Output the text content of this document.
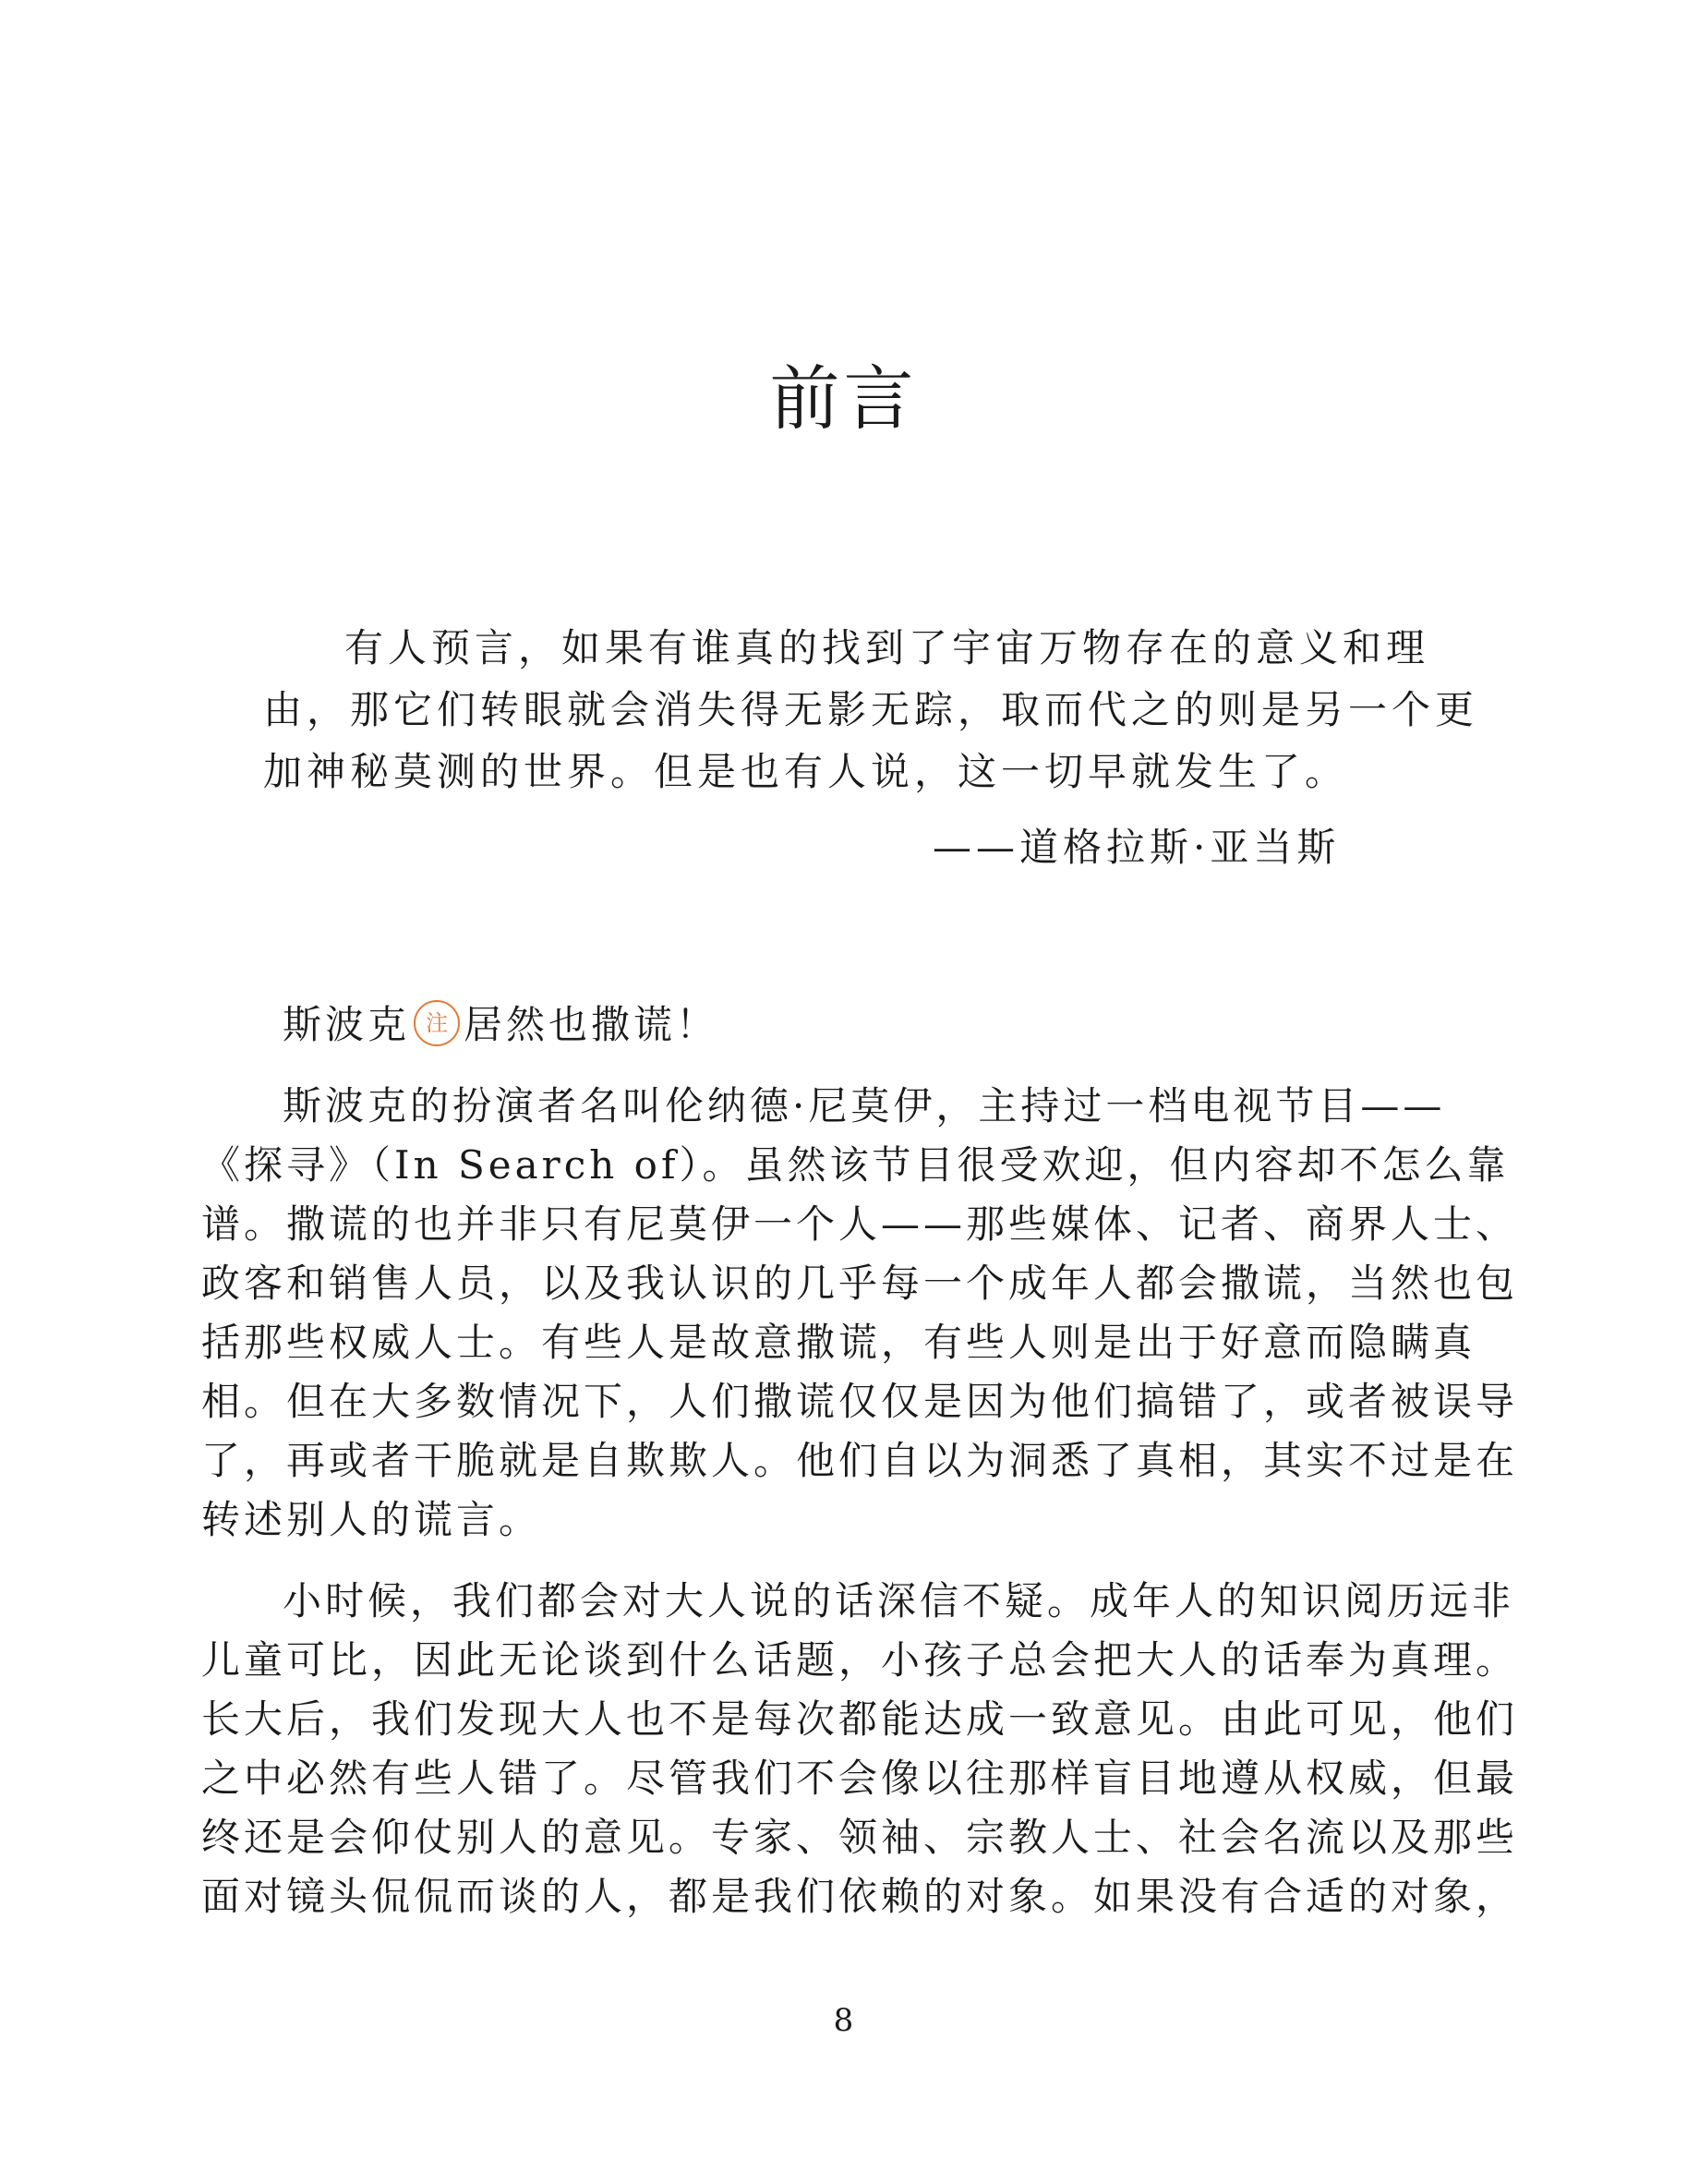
前言
有人预言，如果有谁真的找到了宇宙万物存在的意义和理
由，那它们转眼就会消失得无影无踪，取而代之的则是另一个更
加神秘莫测的世界。但是也有人说，这一切早就发生了。
——道格拉斯·亚当斯

斯波克 注 居然也撒谎！

斯波克的扮演者名叫伦纳德·尼莫伊，主持过一档电视节目——
《探寻》（In Search of）。虽然该节目很受欢迎，但内容却不怎么靠
谱。撒谎的也并非只有尼莫伊一个人——那些媒体、记者、商界人士、
政客和销售人员，以及我认识的几乎每一个成年人都会撒谎，当然也包
括那些权威人士。有些人是故意撒谎，有些人则是出于好意而隐瞒真
相。但在大多数情况下，人们撒谎仅仅是因为他们搞错了，或者被误导
了，再或者干脆就是自欺欺人。他们自以为洞悉了真相，其实不过是在
转述别人的谎言。

小时候，我们都会对大人说的话深信不疑。成年人的知识阅历远非
儿童可比，因此无论谈到什么话题，小孩子总会把大人的话奉为真理。
长大后，我们发现大人也不是每次都能达成一致意见。由此可见，他们
之中必然有些人错了。尽管我们不会像以往那样盲目地遵从权威，但最
终还是会仰仗别人的意见。专家、领袖、宗教人士、社会名流以及那些
面对镜头侃侃而谈的人，都是我们依赖的对象。如果没有合适的对象，

8
